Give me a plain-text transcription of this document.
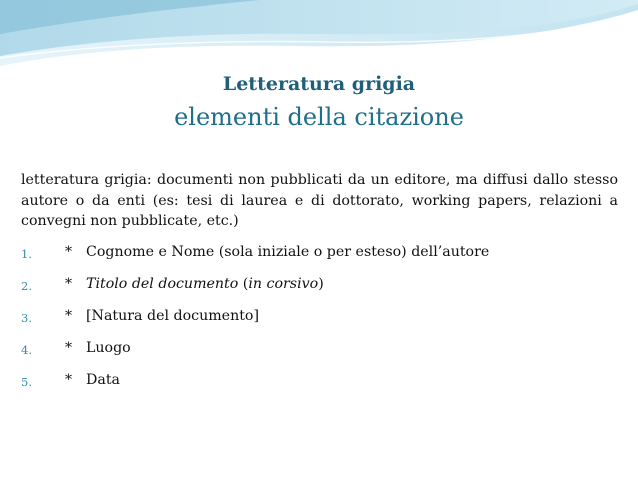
Letteratura grigia
elementi della citazione
letteratura grigia: documenti non pubblicati da un editore, ma diffusi dallo stesso autore o da enti (es: tesi di laurea e di dottorato, working papers, relazioni a convegni non pubblicate, etc.)
1. * Cognome e Nome (sola iniziale o per esteso) dell’autore
2. * Titolo del documento (in corsivo)
3. * [Natura del documento]
4. * Luogo
5. * Data
